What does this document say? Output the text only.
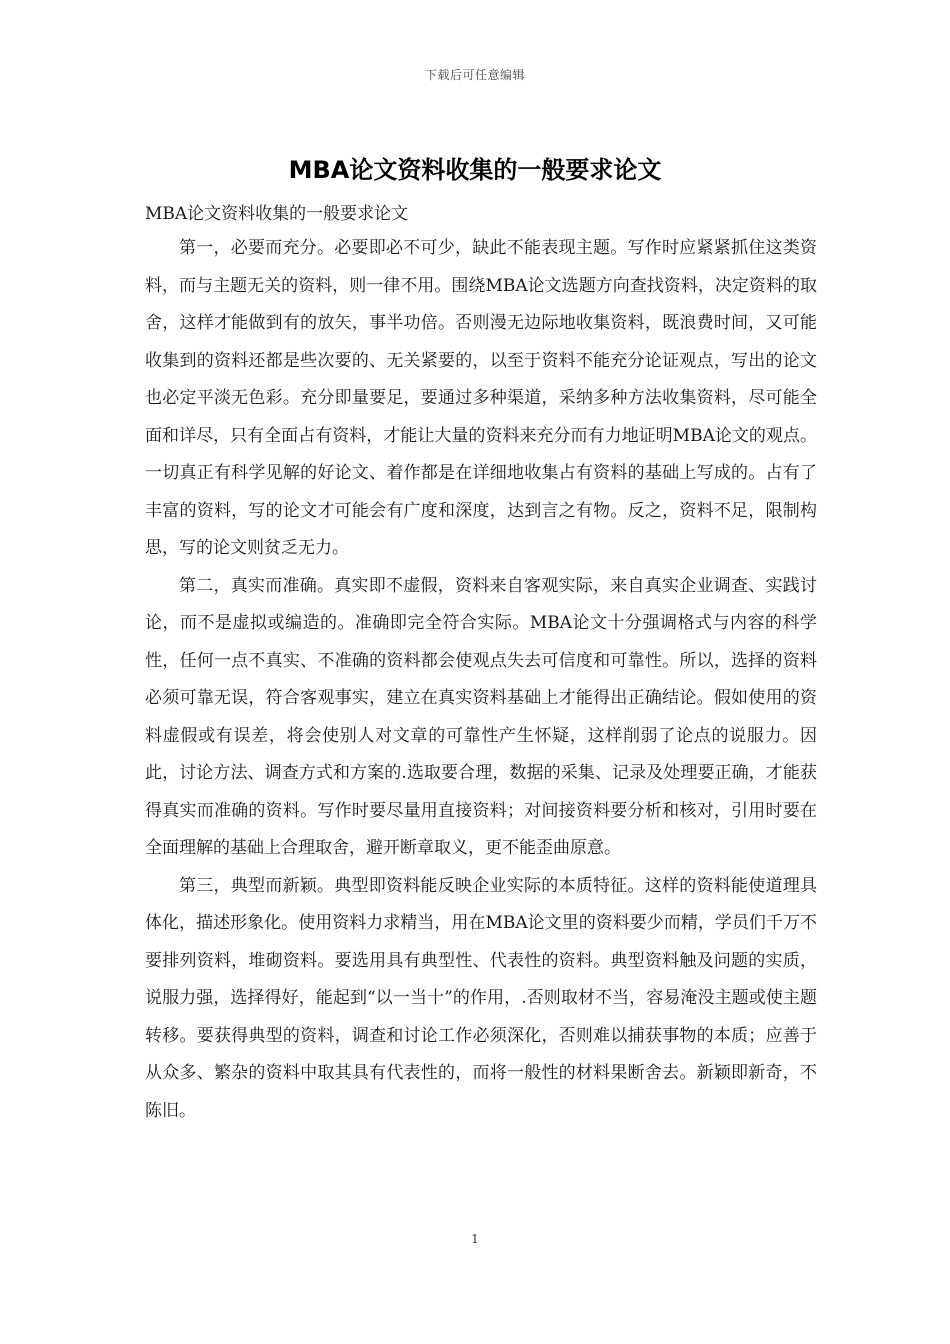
下载后可任意编辑
MBA论文资料收集的一般要求论文
MBA论文资料收集的一般要求论文

第一，必要而充分。必要即必不可少，缺此不能表现主题。写作时应紧紧抓住这类资料，而与主题无关的资料，则一律不用。围绕MBA论文选题方向查找资料，决定资料的取舍，这样才能做到有的放矢，事半功倍。否则漫无边际地收集资料，既浪费时间，又可能收集到的资料还都是些次要的、无关紧要的，以至于资料不能充分论证观点，写出的论文也必定平淡无色彩。充分即量要足，要通过多种渠道，采纳多种方法收集资料，尽可能全面和详尽，只有全面占有资料，才能让大量的资料来充分而有力地证明MBA论文的观点。一切真正有科学见解的好论文、着作都是在详细地收集占有资料的基础上写成的。占有了丰富的资料，写的论文才可能会有广度和深度，达到言之有物。反之，资料不足，限制构思，写的论文则贫乏无力。

第二，真实而准确。真实即不虚假，资料来自客观实际，来自真实企业调查、实践讨论，而不是虚拟或编造的。准确即完全符合实际。MBA论文十分强调格式与内容的科学性，任何一点不真实、不准确的资料都会使观点失去可信度和可靠性。所以，选择的资料必须可靠无误，符合客观事实，建立在真实资料基础上才能得出正确结论。假如使用的资料虚假或有误差，将会使别人对文章的可靠性产生怀疑，这样削弱了论点的说服力。因此，讨论方法、调查方式和方案的.选取要合理，数据的采集、记录及处理要正确，才能获得真实而准确的资料。写作时要尽量用直接资料；对间接资料要分析和核对，引用时要在全面理解的基础上合理取舍，避开断章取义，更不能歪曲原意。

第三，典型而新颖。典型即资料能反映企业实际的本质特征。这样的资料能使道理具体化，描述形象化。使用资料力求精当，用在MBA论文里的资料要少而精，学员们千万不要排列资料，堆砌资料。要选用具有典型性、代表性的资料。典型资料触及问题的实质，说服力强，选择得好，能起到“以一当十”的作用，.否则取材不当，容易淹没主题或使主题转移。要获得典型的资料，调查和讨论工作必须深化，否则难以捕获事物的本质；应善于从众多、繁杂的资料中取其具有代表性的，而将一般性的材料果断舍去。新颖即新奇，不陈旧。

1
